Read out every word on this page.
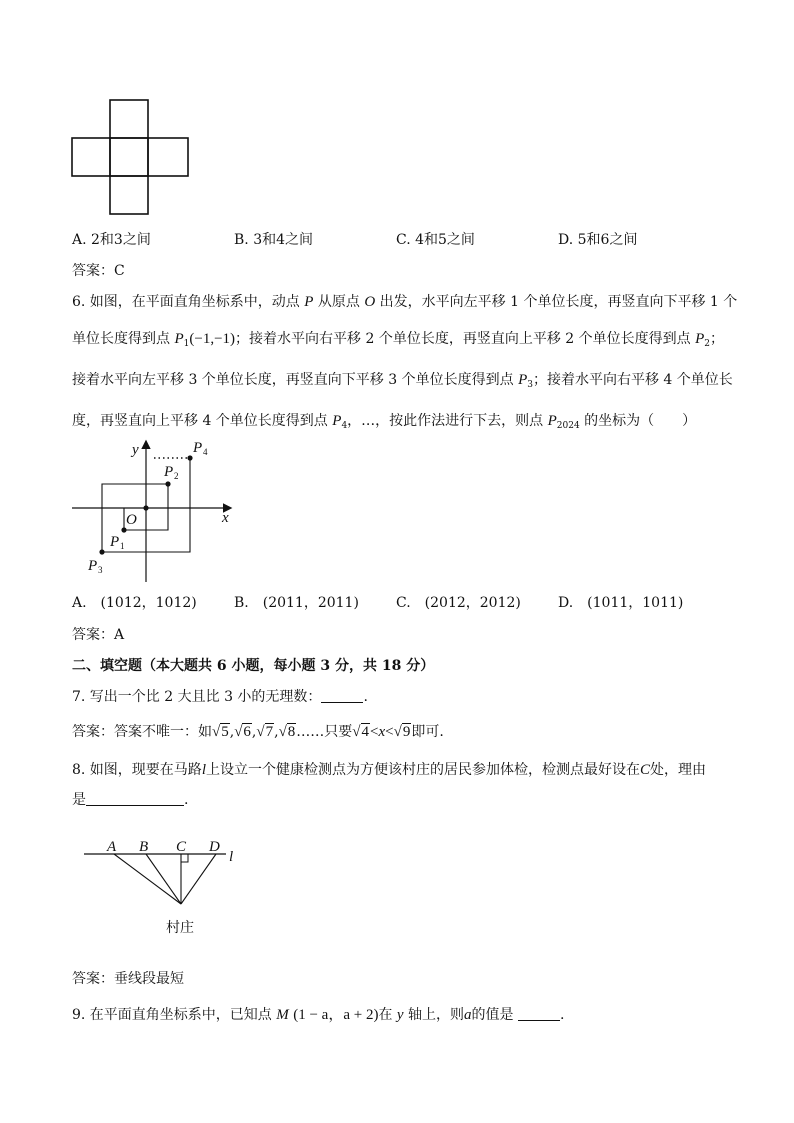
A. 2和3之间	B. 3和4之间	C. 4和5之间	D. 5和6之间
答案：C
6. 如图，在平面直角坐标系中，动点 P 从原点 O 出发，水平向左平移 1 个单位长度，再竖直向下平移 1 个
单位长度得到点 $P_1(-1,-1)$；接着水平向右平移 2 个单位长度，再竖直向上平移 2 个单位长度得到点 $P_2$；
接着水平向左平移 3 个单位长度，再竖直向下平移 3 个单位长度得到点 $P_3$；接着水平向右平移 4 个单位长
度，再竖直向上平移 4 个单位长度得到点 $P_4$，…，按此作法进行下去，则点 $P_{2024}$ 的坐标为（　　）
y
x
O
P
P
P
P
1
2
3
4
A.　(1012，1012)	B.　(2011，2011)	C.　(2012，2012)	D.　(1011，1011)
答案：A
二、填空题（本大题共 6 小题，每小题 3 分，共 18 分）
7. 写出一个比 2 大且比 3 小的无理数：	.
答案：答案不唯一：如√5,√6,√7,√8……只要√4<x<√9即可.
8. 如图，现要在马路l上设立一个健康检测点为方便该村庄的居民参加体检，检测点最好设在C处，理由
是	.
A B C D
l
村庄
答案：垂线段最短
9. 在平面直角坐标系中，已知点 M (1 − a，a + 2)在 y 轴上，则a的值是	.
